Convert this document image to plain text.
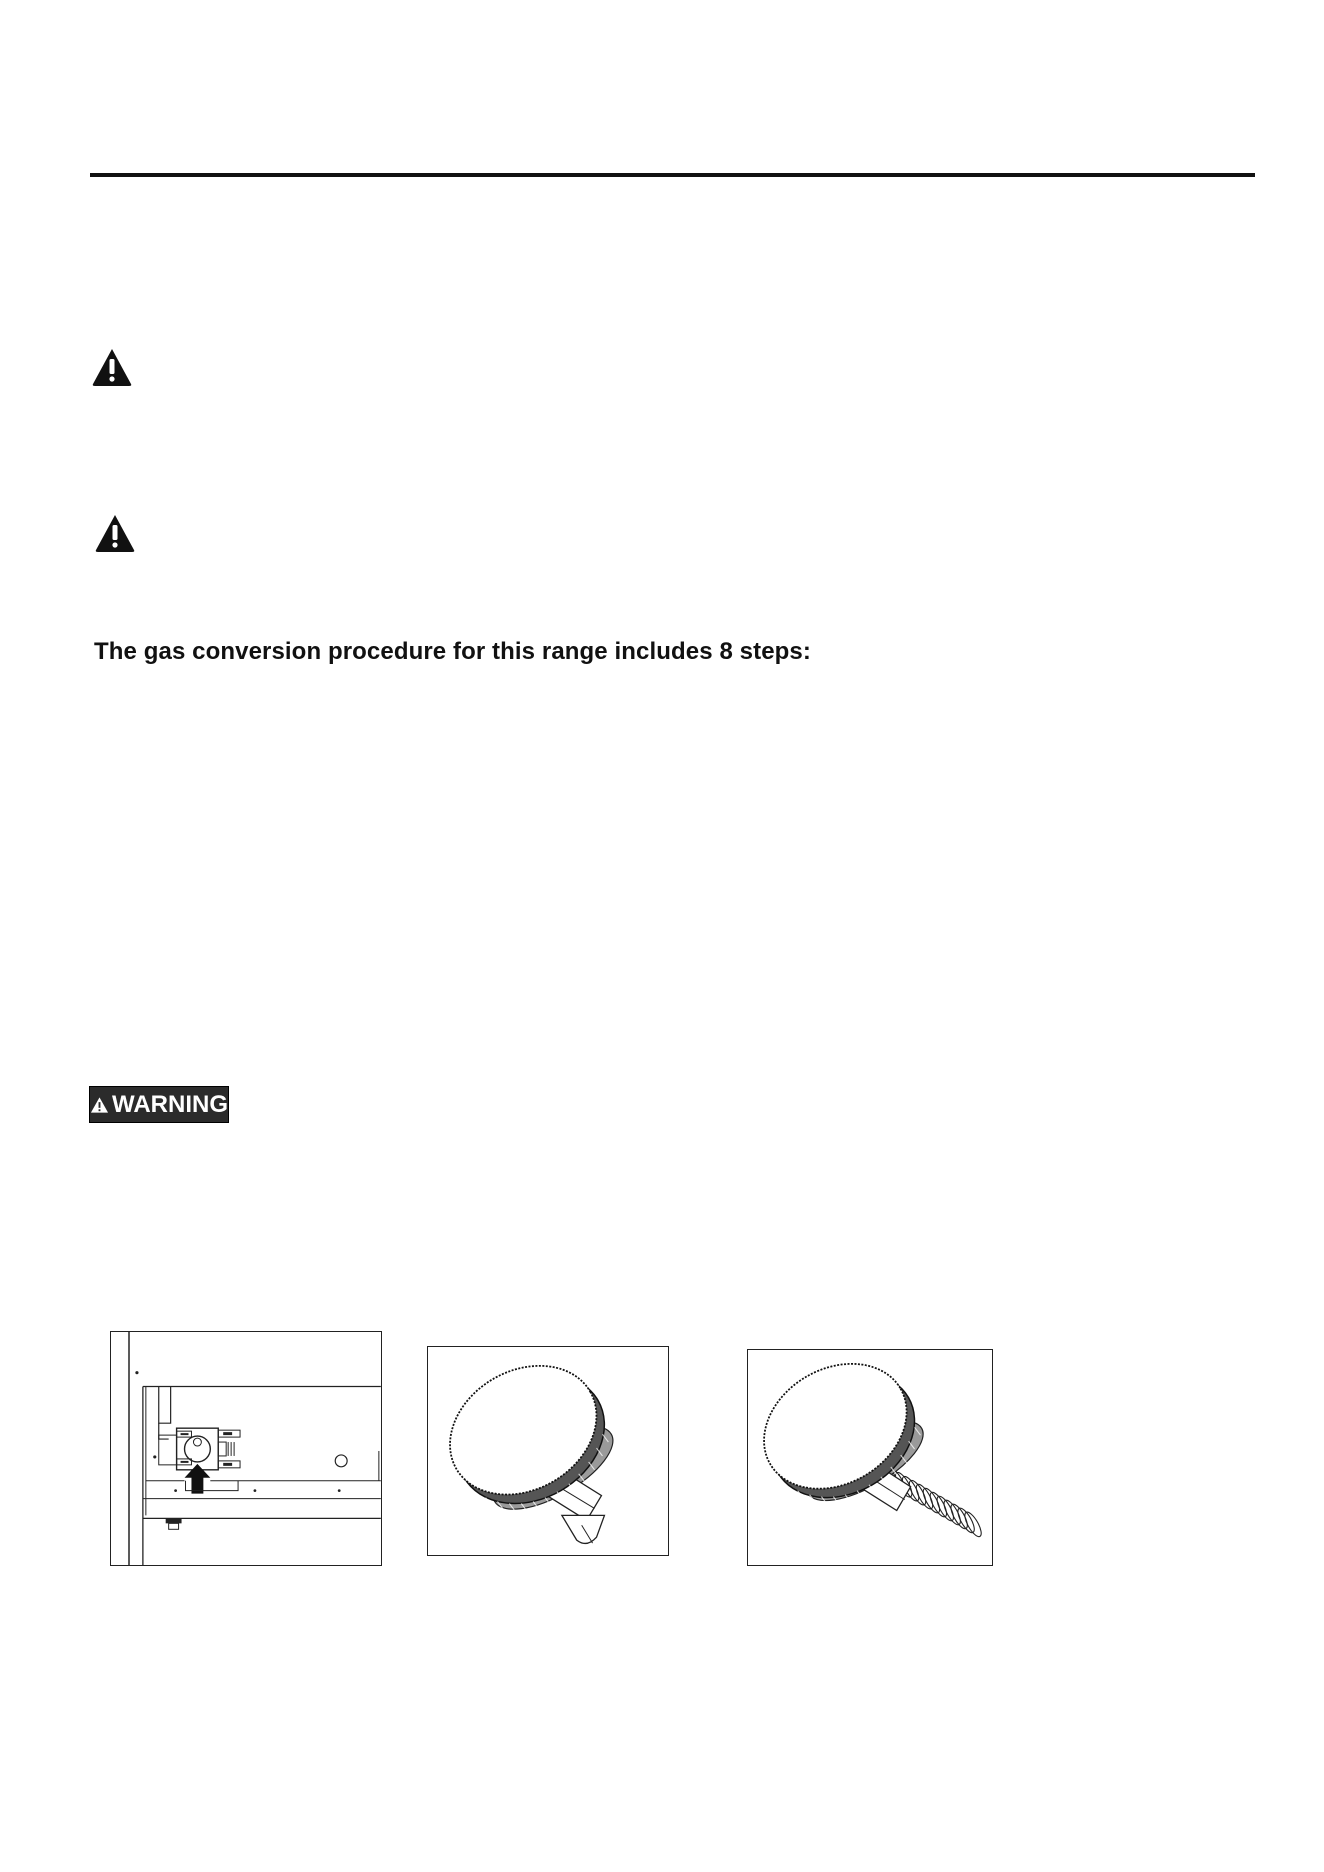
The gas conversion procedure for this range includes 8 steps:
WARNING
